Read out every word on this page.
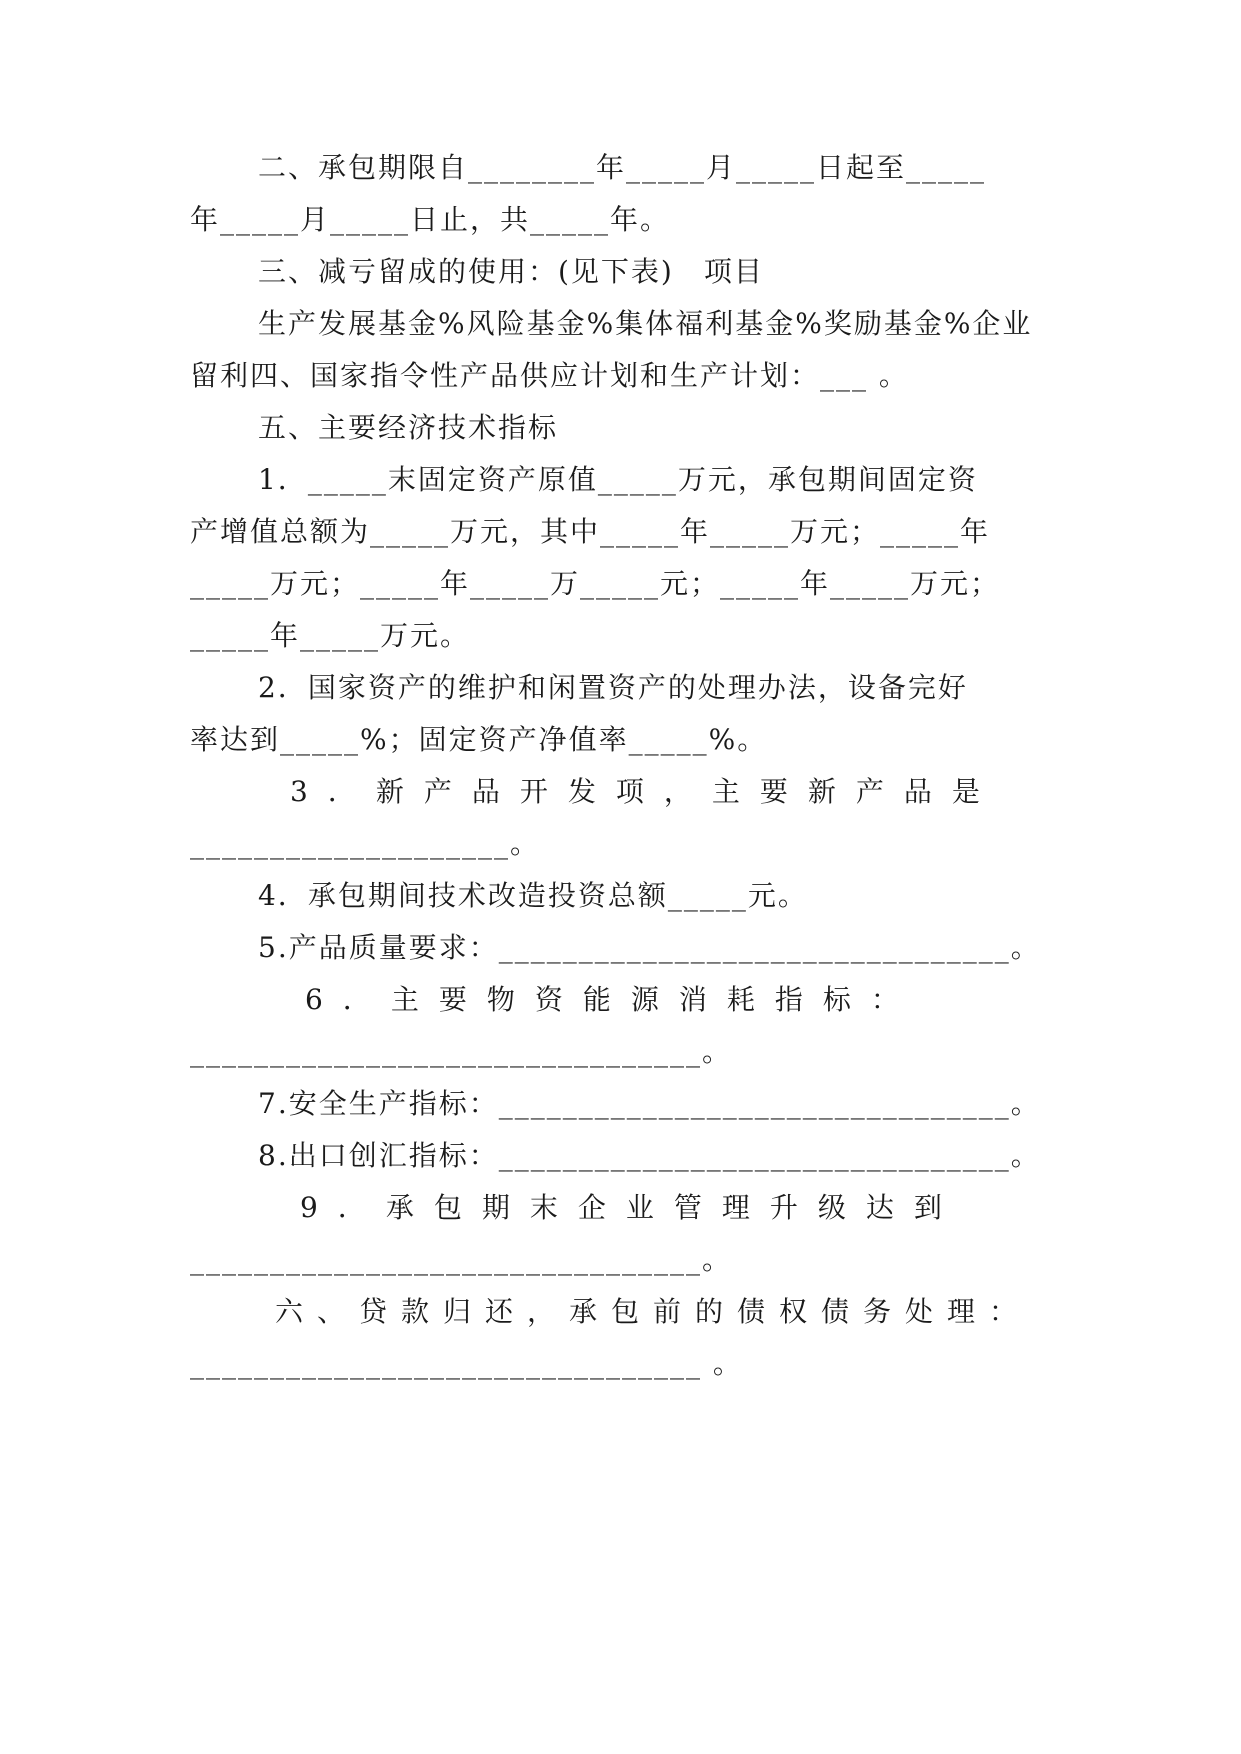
二、承包期限自________年_____月_____日起至_____
年_____月_____日止，共_____年。
三、减亏留成的使用：(见下表)　项目
生产发展基金%风险基金%集体福利基金%奖励基金%企业
留利四、国家指令性产品供应计划和生产计划：___ 。
五、主要经济技术指标
1．_____末固定资产原值_____万元，承包期间固定资
产增值总额为_____万元，其中_____年_____万元；_____年
_____万元；_____年_____万_____元；_____年_____万元；
_____年_____万元。
2．国家资产的维护和闲置资产的处理办法，设备完好
率达到_____%；固定资产净值率_____%。
3．新产品开发项，主要新产品是
____________________。
4．承包期间技术改造投资总额_____元。
5.产品质量要求：________________________________。
6．主要物资能源消耗指标：
________________________________。
7.安全生产指标：________________________________。
8.出口创汇指标：________________________________。
9．承包期末企业管理升级达到
________________________________。
六、贷款归还，承包前的债权债务处理：
________________________________ 。
